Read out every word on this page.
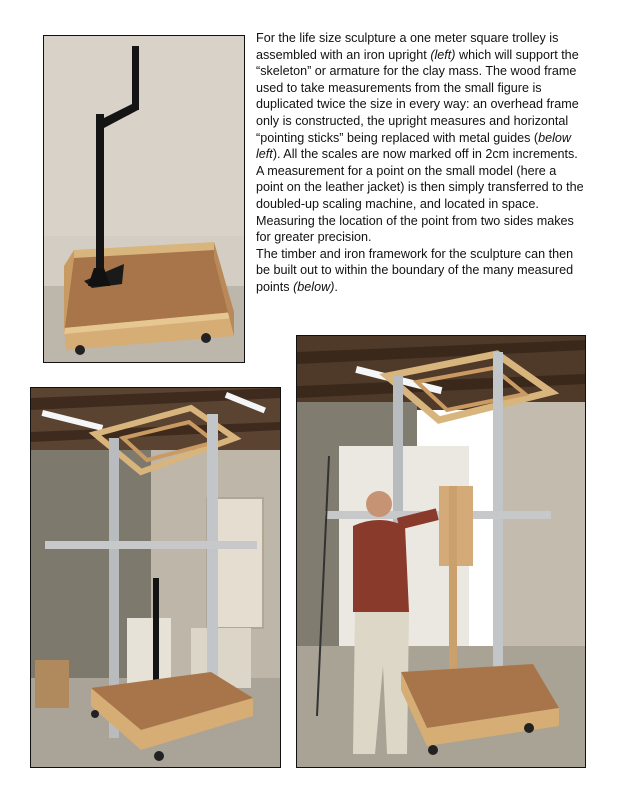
For the life size sculpture a one meter square trolley is assembled with an iron upright (left) which will support the “skeleton” or armature for the clay mass. The wood frame used to take measurements from the small figure is duplicated twice the size in every way: an overhead frame only is constructed, the upright measures and horizontal “pointing sticks” being replaced with metal guides (below left). All the scales are now marked off in 2cm increments.

A measurement for a point on the small model (here a point on the leather jacket) is then simply transferred to the doubled-up scaling machine, and located in space. Measuring the location of the point from two sides makes for greater precision.

The timber and iron framework for the sculpture can then be built out to within the boundary of the many measured points (below).
